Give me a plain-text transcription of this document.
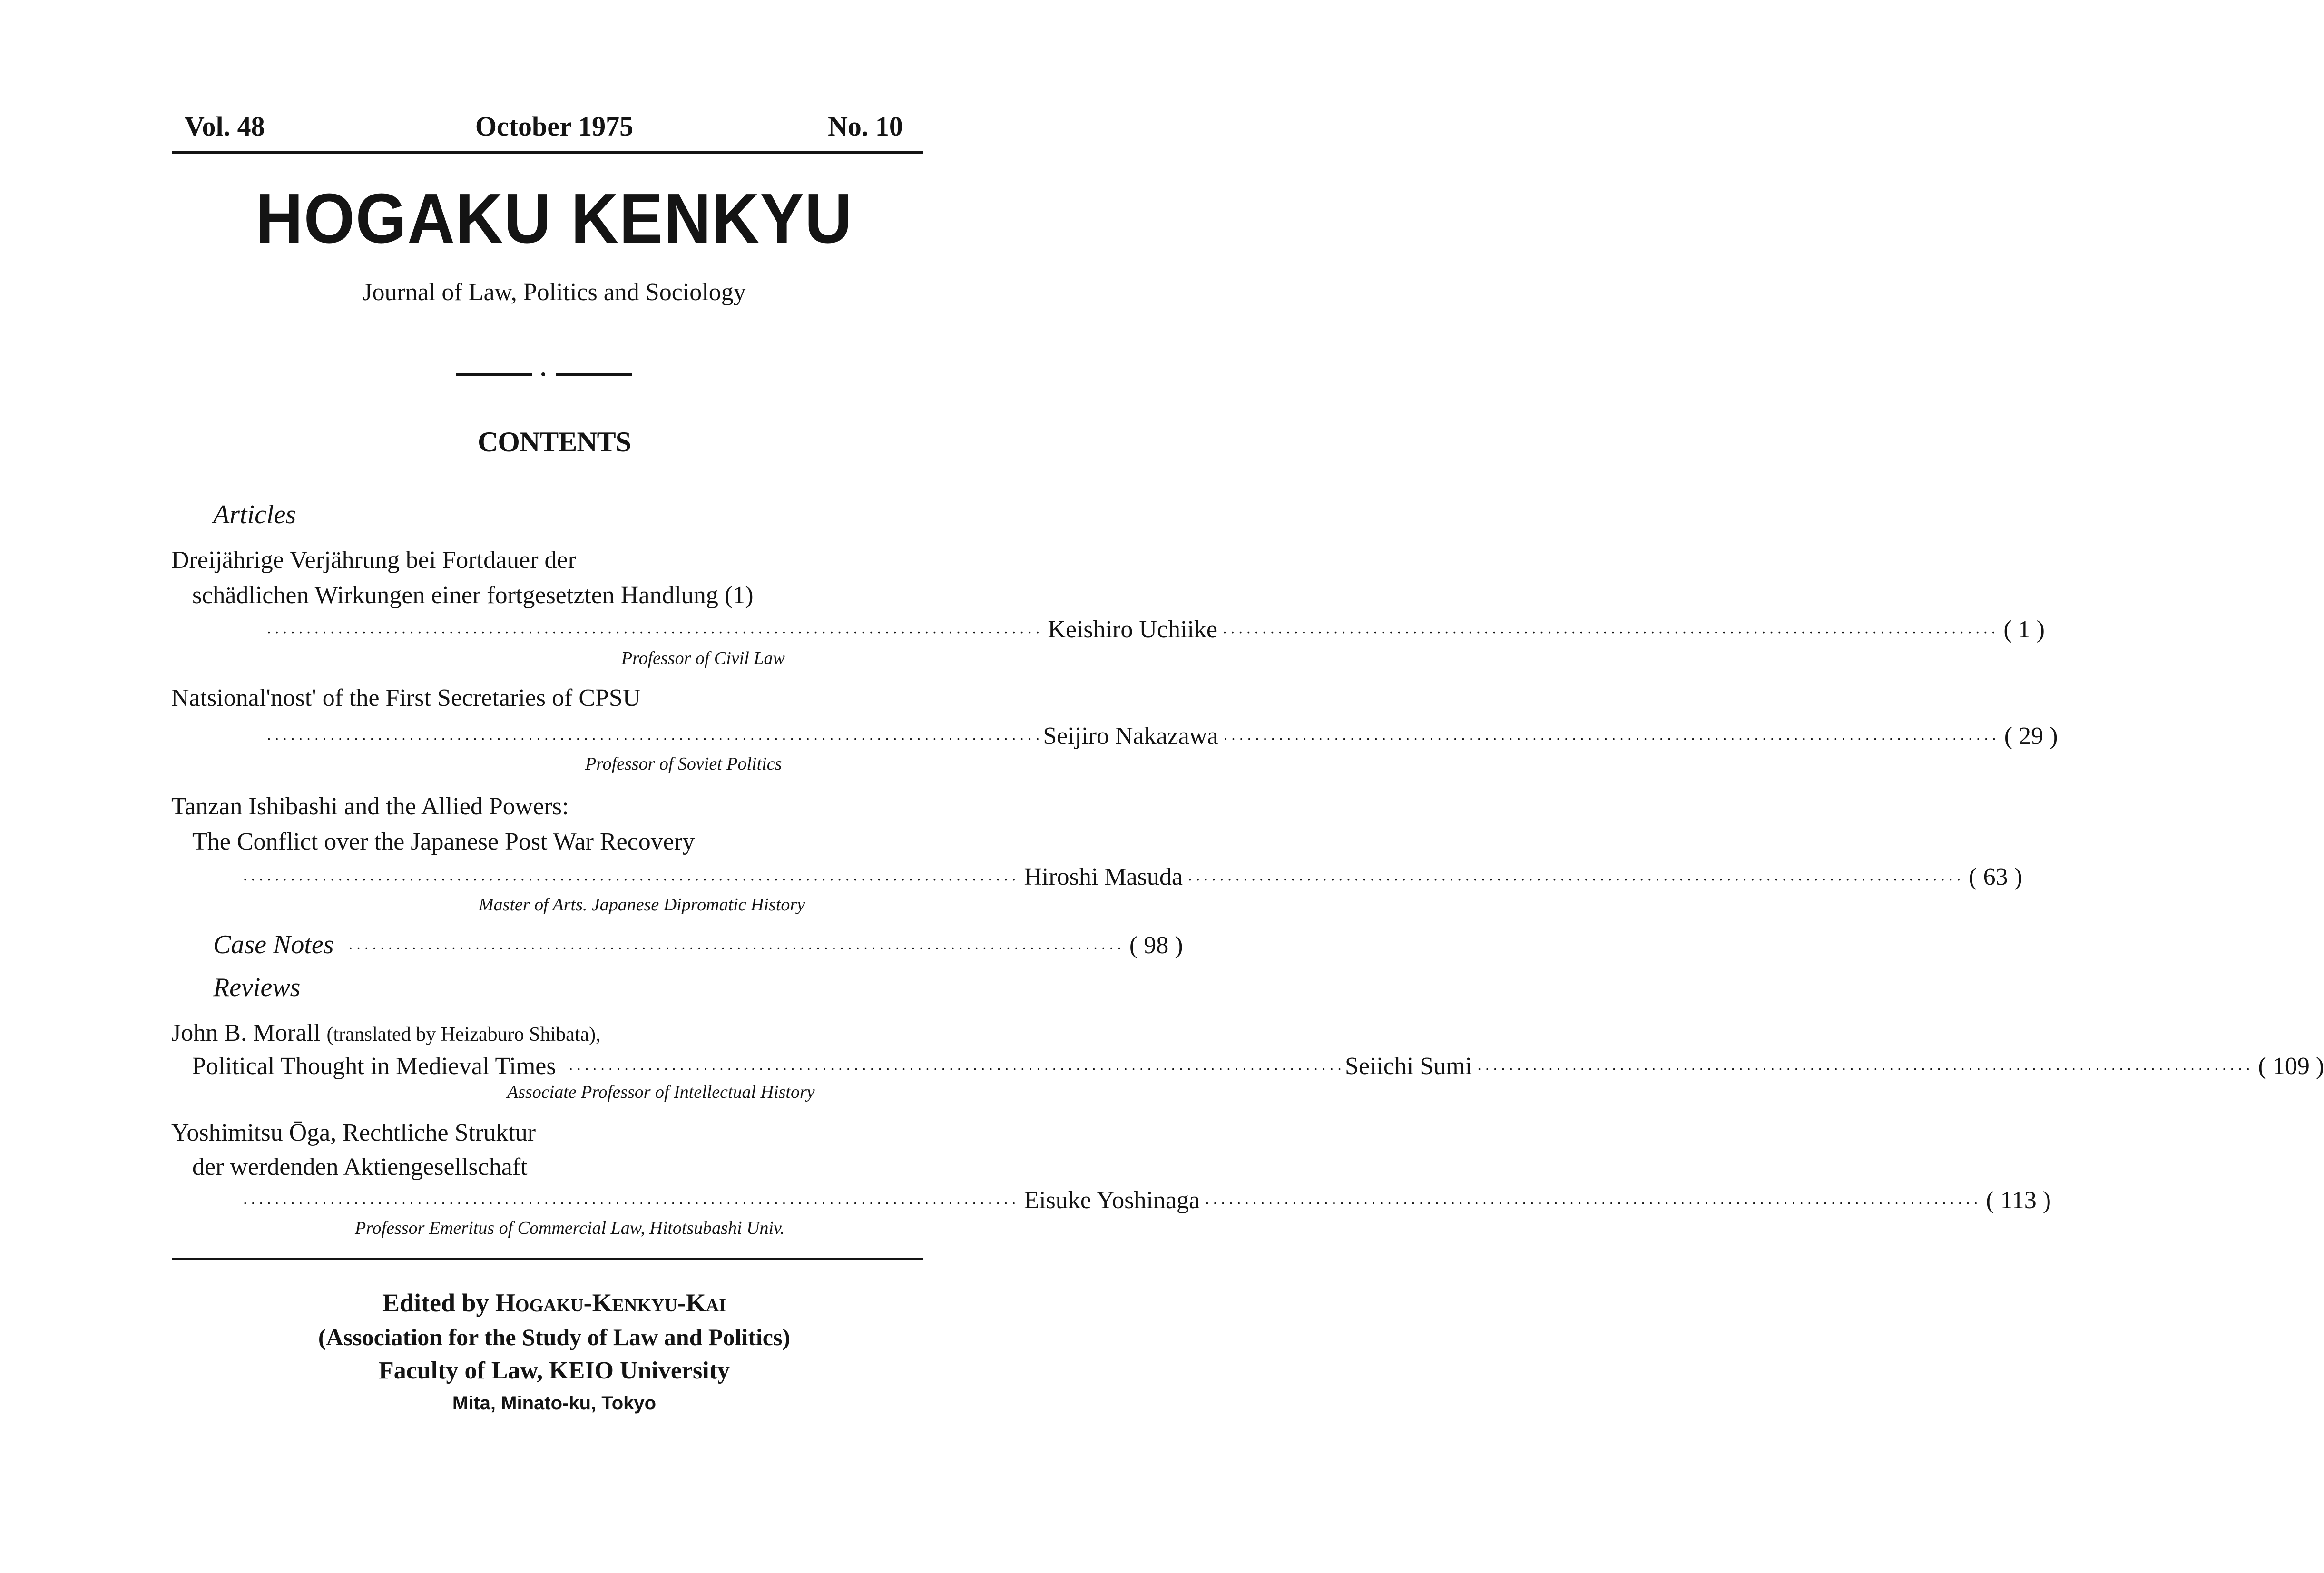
Vol. 48	October 1975	No. 10
HOGAKU KENKYU
Journal of Law, Politics and Sociology
CONTENTS
Articles
Dreijährige Verjährung bei Fortdauer der
schädlichen Wirkungen einer fortgesetzten Handlung (1)
·································································································· Keishiro Uchiike ·································································································· ( 1 )
Professor of Civil Law
Natsional'nost' of the First Secretaries of CPSU
·································································································· Seijiro Nakazawa ·································································································· ( 29 )
Professor of Soviet Politics
Tanzan Ishibashi and the Allied Powers:
The Conflict over the Japanese Post War Recovery
·································································································· Hiroshi Masuda ·································································································· ( 63 )
Master of Arts. Japanese Dipromatic History
Case Notes ·································································································· ( 98 )
Reviews
John B. Morall (translated by Heizaburo Shibata),
Political Thought in Medieval Times ·································································································· Seiichi Sumi ·································································································· ( 109 )
Associate Professor of Intellectual History
Yoshimitsu Ōga, Rechtliche Struktur
der werdenden Aktiengesellschaft
·································································································· Eisuke Yoshinaga ·································································································· ( 113 )
Professor Emeritus of Commercial Law, Hitotsubashi Univ.
Edited by Hogaku-Kenkyu-Kai
(Association for the Study of Law and Politics)
Faculty of Law, KEIO University
Mita, Minato-ku, Tokyo
